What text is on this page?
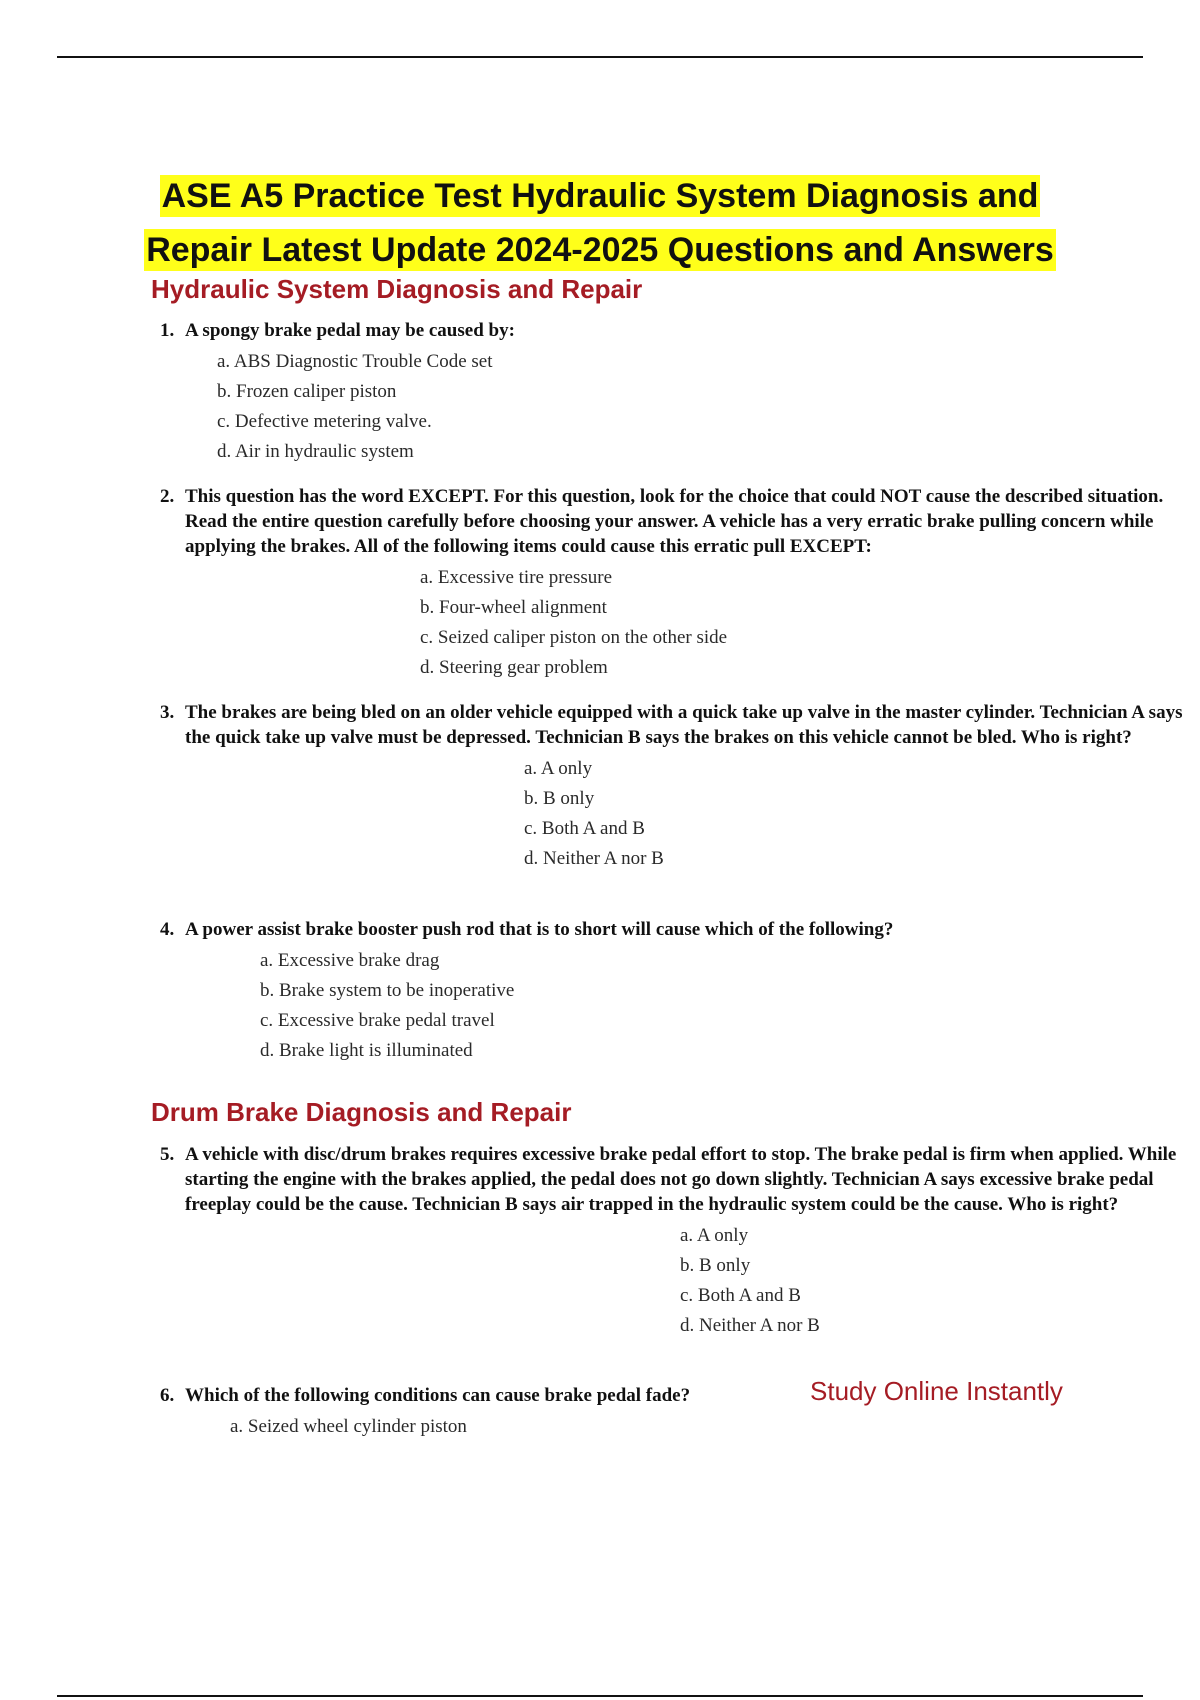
ASE A5 Practice Test Hydraulic System Diagnosis and
Repair Latest Update 2024-2025 Questions and Answers
Hydraulic System Diagnosis and Repair
1. A spongy brake pedal may be caused by:
a. ABS Diagnostic Trouble Code set
b. Frozen caliper piston
c. Defective metering valve.
d. Air in hydraulic system
2. This question has the word EXCEPT. For this question, look for the choice that could NOT cause the described situation. Read the entire question carefully before choosing your answer. A vehicle has a very erratic brake pulling concern while applying the brakes. All of the following items could cause this erratic pull EXCEPT:
a. Excessive tire pressure
b. Four-wheel alignment
c. Seized caliper piston on the other side
d. Steering gear problem
3. The brakes are being bled on an older vehicle equipped with a quick take up valve in the master cylinder. Technician A says the quick take up valve must be depressed. Technician B says the brakes on this vehicle cannot be bled. Who is right?
a. A only
b. B only
c. Both A and B
d. Neither A nor B
4. A power assist brake booster push rod that is to short will cause which of the following?
a. Excessive brake drag
b. Brake system to be inoperative
c. Excessive brake pedal travel
d. Brake light is illuminated
Drum Brake Diagnosis and Repair
5. A vehicle with disc/drum brakes requires excessive brake pedal effort to stop. The brake pedal is firm when applied. While starting the engine with the brakes applied, the pedal does not go down slightly. Technician A says excessive brake pedal freeplay could be the cause. Technician B says air trapped in the hydraulic system could be the cause. Who is right?
a. A only
b. B only
c. Both A and B
d. Neither A nor B
6. Which of the following conditions can cause brake pedal fade?
a. Seized wheel cylinder piston
Study Online Instantly
